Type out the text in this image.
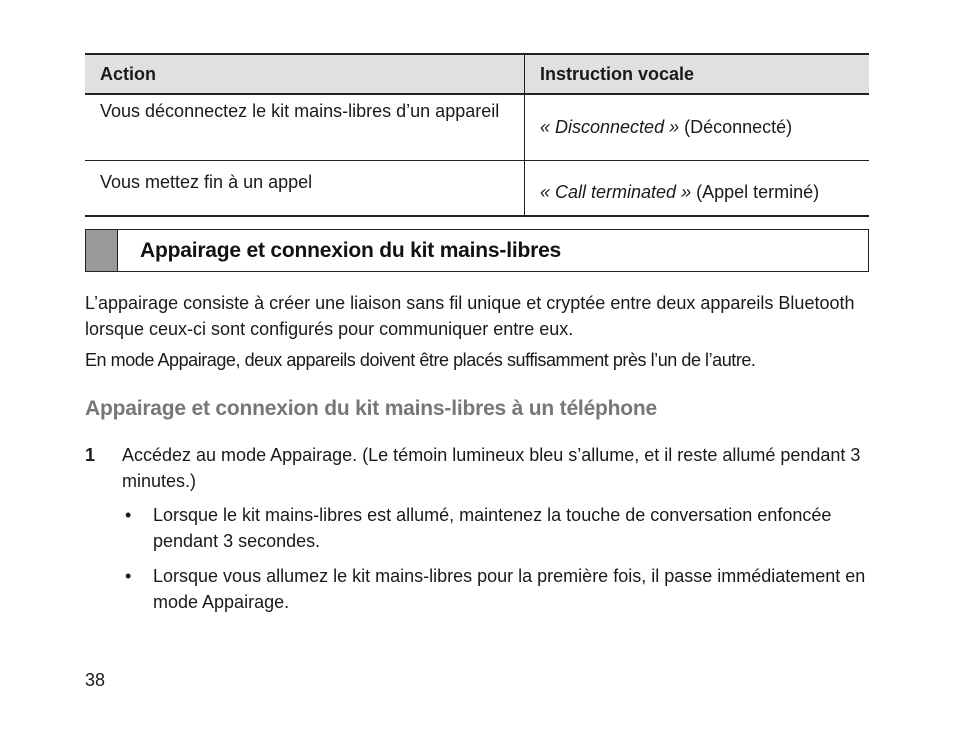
Action	Instruction vocale
Vous déconnectez le kit mains-libres d’un appareil	« Disconnected » (Déconnecté)
Vous mettez fin à un appel	« Call terminated » (Appel terminé)
Appairage et connexion du kit mains-libres

L’appairage consiste à créer une liaison sans fil unique et cryptée entre deux appareils Bluetooth lorsque ceux-ci sont configurés pour communiquer entre eux.

En mode Appairage, deux appareils doivent être placés suffisamment près l’un de l’autre.

Appairage et connexion du kit mains-libres à un téléphone
1 Accédez au mode Appairage. (Le témoin lumineux bleu s’allume, et il reste allumé pendant 3 minutes.)
• Lorsque le kit mains-libres est allumé, maintenez la touche de conversation enfoncée pendant 3 secondes.
• Lorsque vous allumez le kit mains-libres pour la première fois, il passe immédiatement en mode Appairage.
38
